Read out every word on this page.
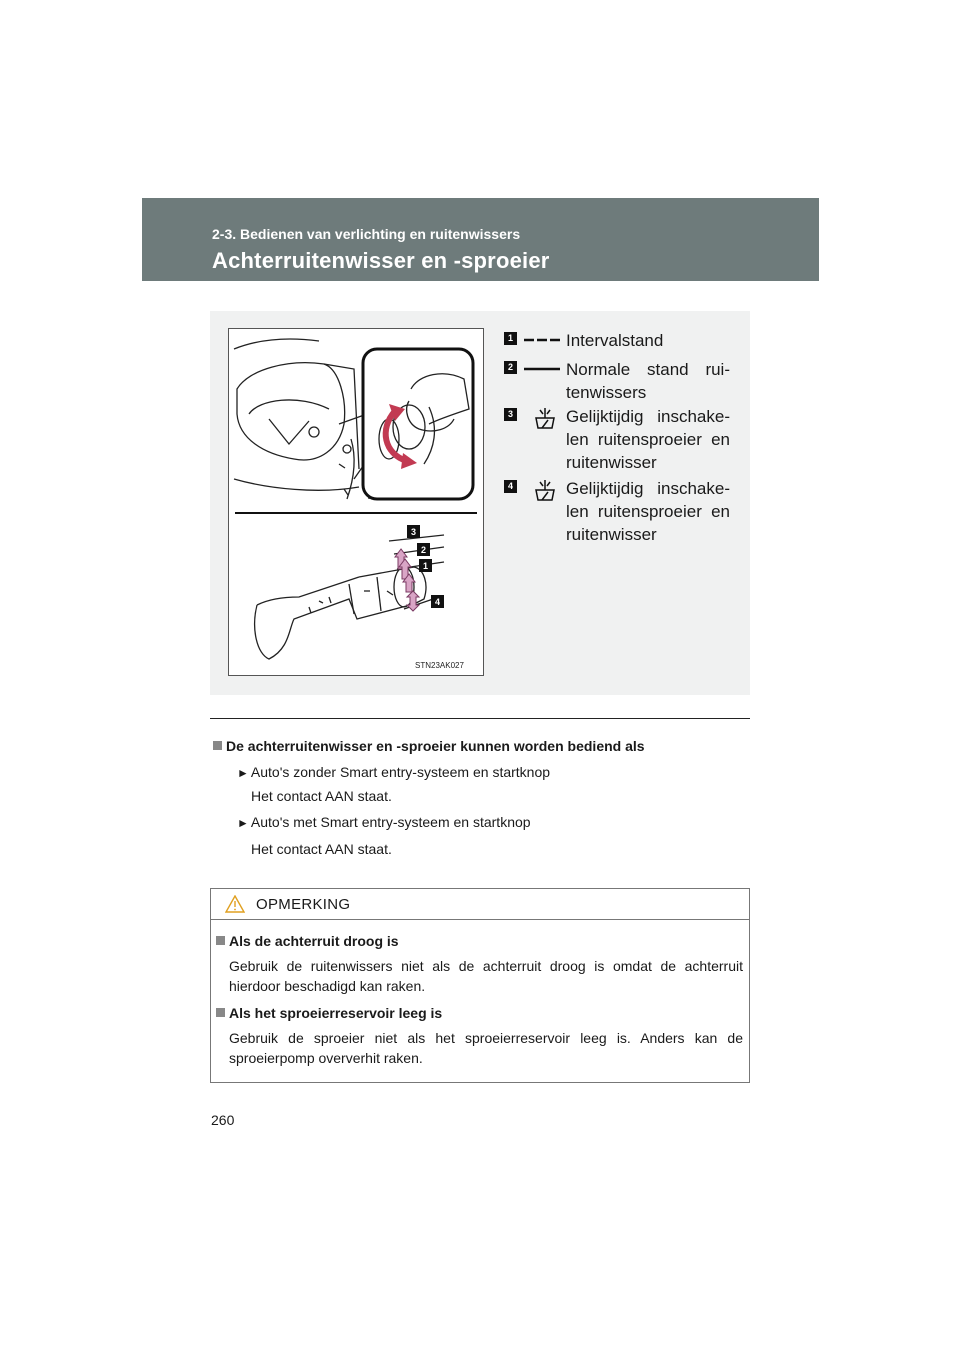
2-3. Bedienen van verlichting en ruitenwissers
Achterruitenwisser en -sproeier
3
2
1
4
STN23AK027
1	Intervalstand
2	Normale stand rui-tenwissers
3	Gelijktijdig inschake-len ruitensproeier en ruitenwisser
4	Gelijktijdig inschake-len ruitensproeier en ruitenwisser
De achterruitenwisser en -sproeier kunnen worden bediend als
► Auto's zonder Smart entry-systeem en startknop
Het contact AAN staat.
► Auto's met Smart entry-systeem en startknop
Het contact AAN staat.
OPMERKING
Als de achterruit droog is
Gebruik de ruitenwissers niet als de achterruit droog is omdat de achterruit hierdoor beschadigd kan raken.
Als het sproeierreservoir leeg is
Gebruik de sproeier niet als het sproeierreservoir leeg is. Anders kan de sproeierpomp oververhit raken.
260
